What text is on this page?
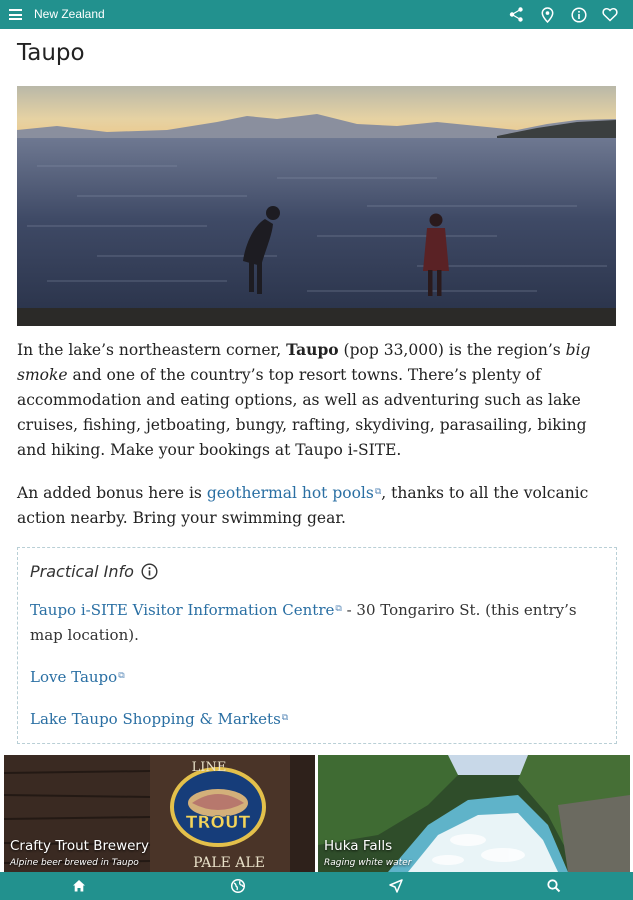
New Zealand
Taupo

In the lake’s northeastern corner, Taupo (pop 33,000) is the region’s big smoke and one of the country’s top resort towns. There’s plenty of accommodation and eating options, as well as adventuring such as lake cruises, fishing, jetboating, bungy, rafting, skydiving, parasailing, biking and hiking. Make your bookings at Taupo i-SITE.

An added bonus here is geothermal hot pools⧉, thanks to all the volcanic action nearby. Bring your swimming gear.

Practical Info
Taupo i-SITE Visitor Information Centre⧉ - 30 Tongariro St. (this entry’s map location).
Love Taupo⧉
Lake Taupo Shopping & Markets⧉
TROUT
LINE
PALE ALE
Crafty Trout Brewery
Alpine beer brewed in Taupo
Huka Falls
Raging white water
